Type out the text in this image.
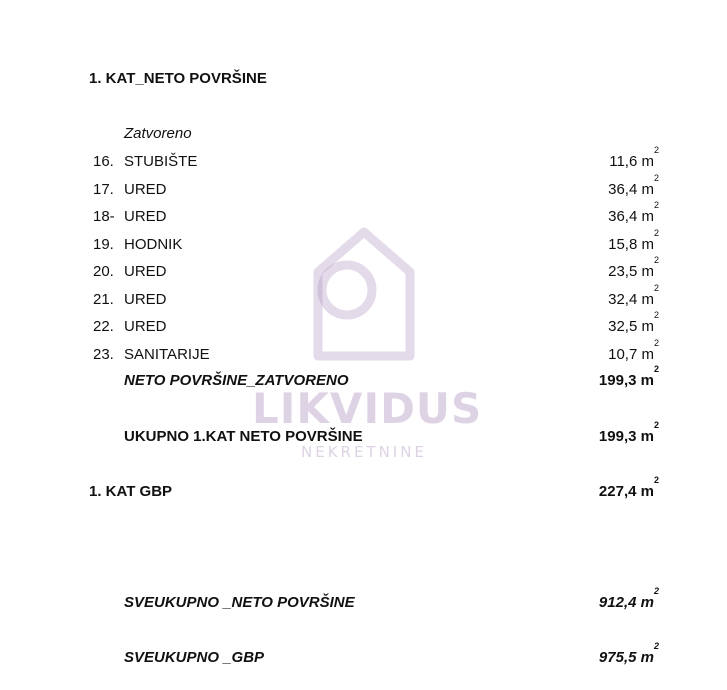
LIKVIDUS
NEKRETNINE
1. KAT_NETO POVRŠINE
Zatvoreno
16. STUBIŠTE	11,6 $m^2$
17. URED	36,4 $m^2$
18- URED	36,4 $m^2$
19. HODNIK	15,8 $m^2$
20. URED	23,5 $m^2$
21. URED	32,4 $m^2$
22. URED	32,5 $m^2$
23. SANITARIJE	10,7 $m^2$
NETO POVRŠINE_ZATVORENO	199,3 $m^2$
UKUPNO 1.KAT NETO POVRŠINE	199,3 $m^2$
1. KAT GBP	227,4 $m^2$
SVEUKUPNO _NETO POVRŠINE	912,4 $m^2$
SVEUKUPNO _GBP	975,5 $m^2$
